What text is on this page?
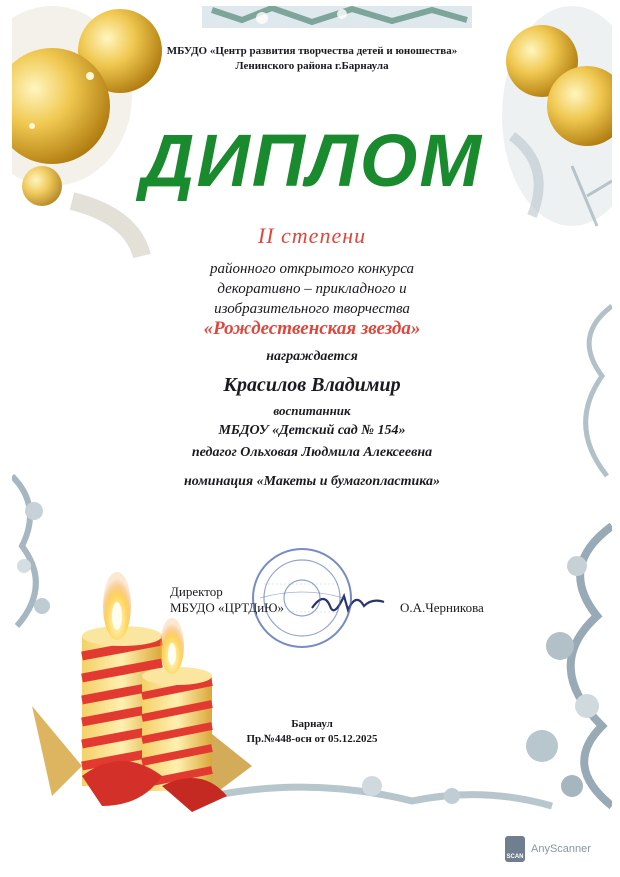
МБУДО «Центр развития творчества детей и юношества»
Ленинского района г.Барнаула
ДИПЛОМ
II степени
районного открытого конкурса
декоративно – прикладного и
изобразительного творчества
«Рождественская звезда»
награждается
Красилов Владимир
воспитанник
МБДОУ «Детский сад № 154»
педагог Ольховая Людмила Алексеевна
номинация «Макеты и бумагопластика»
Директор
МБУДО «ЦРТДиЮ»	О.А.Черникова
Барнаул
Пр.№448-осн от 05.12.2025
SCAN
AnyScanner
